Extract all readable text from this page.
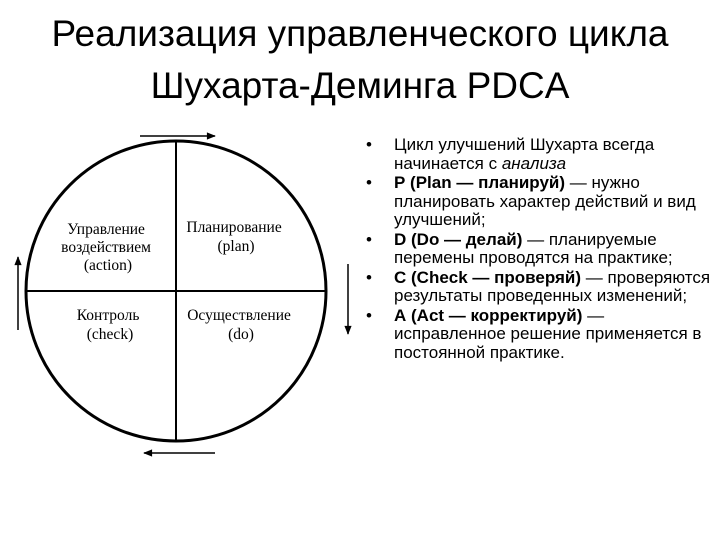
Реализация управленческого цикла
Шухарта-Деминга PDCA
Управлeние воздействием (action)
Планирование (plan)
Контроль (check)
Осуществление (do)
• Цикл улучшений Шухарта всегда начинается с анализа
• Р (Plan — планируй) — нужно планировать характер действий и вид улучшений;
• D (Do — делай) — планируемые перемены проводятся на практике;
• С (Check — проверяй) — проверяются результаты проведенных изменений;
• А (Act — корректируй) — исправленное решение применяется в постоянной практике.
